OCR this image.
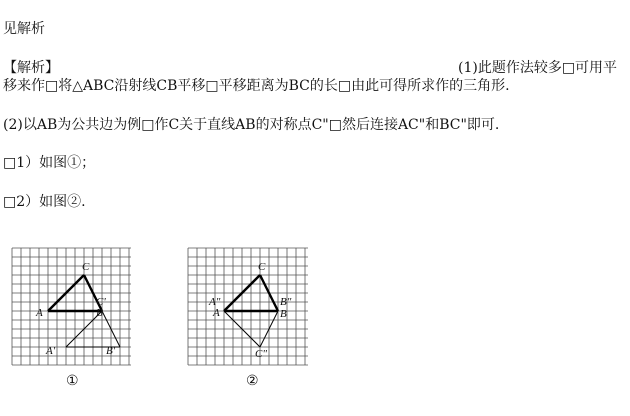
见解析
【解析】	(1)此题作法较多□可用平
移来作□将△ABC沿射线CB平移□平移距离为BC的长□由此可得所求作的三角形.
(2)以AB为公共边为例□作C关于直线AB的对称点C"□然后连接AC"和BC"即可.
□1）如图①；
□2）如图②.
C
A
C'
B
A'	B'
①
C
A"
A
B"
B
C"
②
